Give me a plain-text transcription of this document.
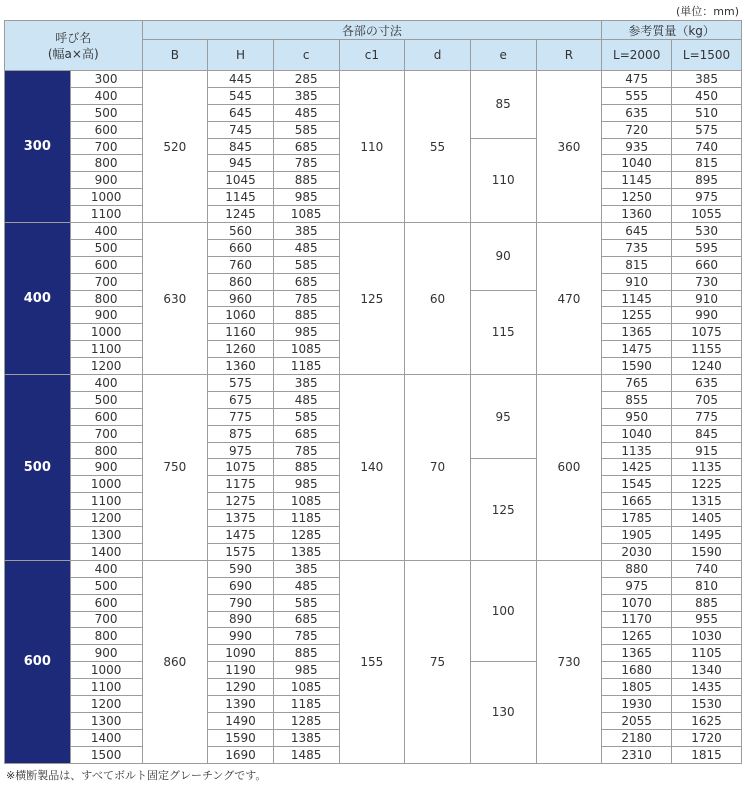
(単位：mm)
呼び名
(幅a×高)		各部の寸法							参考質量（kg）	
		B	H	c	c1	d	e	R	L=2000	L=1500
300	300	520	445	285	110	55	85	360	475	385
	400		545	385					555	450
	500		645	485					635	510
	600		745	585					720	575
	700		845	685			110		935	740
	800		945	785					1040	815
	900		1045	885					1145	895
	1000		1145	985					1250	975
	1100		1245	1085					1360	1055
400	400	630	560	385	125	60	90	470	645	530
	500		660	485					735	595
	600		760	585					815	660
	700		860	685					910	730
	800		960	785			115		1145	910
	900		1060	885					1255	990
	1000		1160	985					1365	1075
	1100		1260	1085					1475	1155
	1200		1360	1185					1590	1240
500	400	750	575	385	140	70	95	600	765	635
	500		675	485					855	705
	600		775	585					950	775
	700		875	685					1040	845
	800		975	785					1135	915
	900		1075	885			125		1425	1135
	1000		1175	985					1545	1225
	1100		1275	1085					1665	1315
	1200		1375	1185					1785	1405
	1300		1475	1285					1905	1495
	1400		1575	1385					2030	1590
600	400	860	590	385	155	75	100	730	880	740
	500		690	485					975	810
	600		790	585					1070	885
	700		890	685					1170	955
	800		990	785					1265	1030
	900		1090	885					1365	1105
	1000		1190	985			130		1680	1340
	1100		1290	1085					1805	1435
	1200		1390	1185					1930	1530
	1300		1490	1285					2055	1625
	1400		1590	1385					2180	1720
	1500		1690	1485					2310	1815
※横断製品は、すべてボルト固定グレーチングです。
